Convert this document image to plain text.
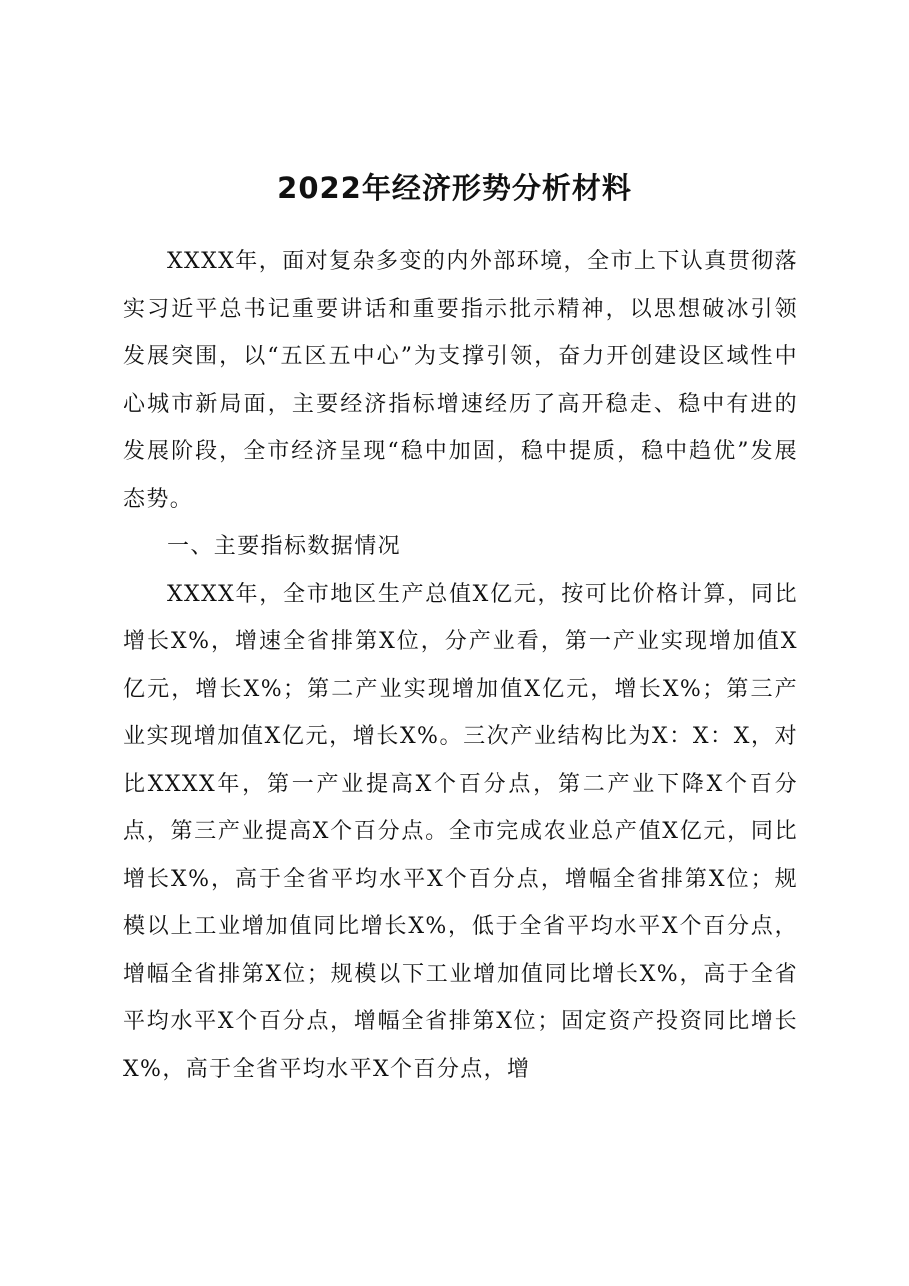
2022年经济形势分析材料

XXXX年，面对复杂多变的内外部环境，全市上下认真贯彻落实习近平总书记重要讲话和重要指示批示精神，以思想破冰引领发展突围，以“五区五中心”为支撑引领，奋力开创建设区域性中心城市新局面，主要经济指标增速经历了高开稳走、稳中有进的发展阶段，全市经济呈现“稳中加固，稳中提质，稳中趋优”发展态势。

一、主要指标数据情况

XXXX年，全市地区生产总值X亿元，按可比价格计算，同比增长X%，增速全省排第X位，分产业看，第一产业实现增加值X亿元，增长X%；第二产业实现增加值X亿元，增长X%；第三产业实现增加值X亿元，增长X%。三次产业结构比为X：X：X，对比XXXX年，第一产业提高X个百分点，第二产业下降X个百分点，第三产业提高X个百分点。全市完成农业总产值X亿元，同比增长X%，高于全省平均水平X个百分点，增幅全省排第X位；规模以上工业增加值同比增长X%，低于全省平均水平X个百分点，增幅全省排第X位；规模以下工业增加值同比增长X%，高于全省平均水平X个百分点，增幅全省排第X位；固定资产投资同比增长X%，高于全省平均水平X个百分点，增
